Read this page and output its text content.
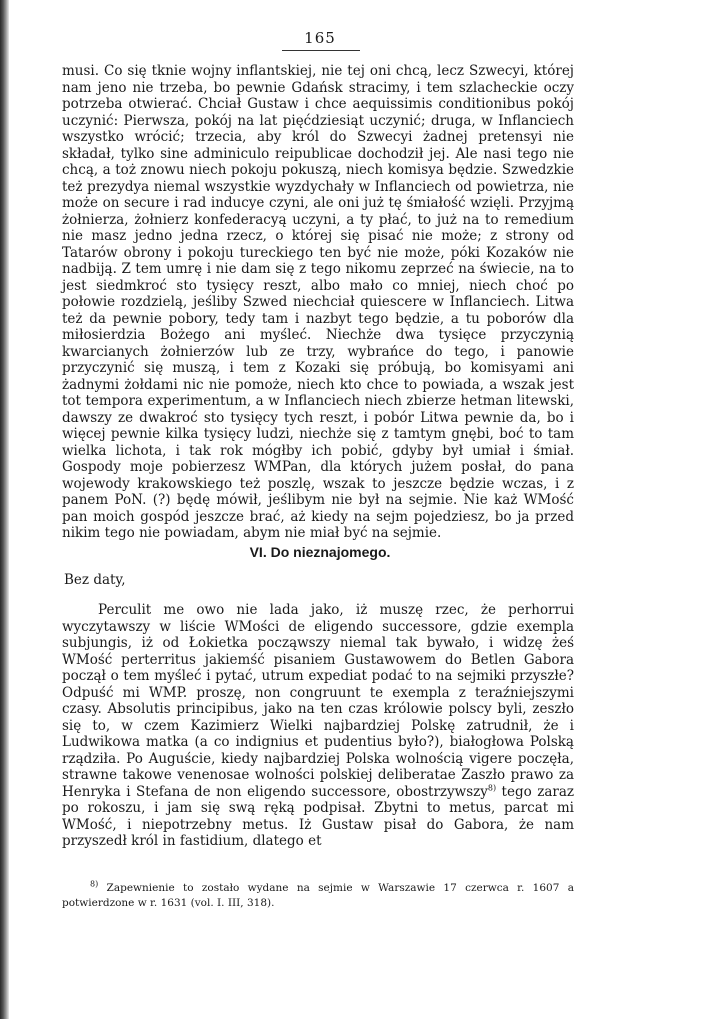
165

musi. Co się tknie wojny inflantskiej, nie tej oni chcą, lecz Szwecyi, której nam jeno nie trzeba, bo pewnie Gdańsk stracimy, i tem szlacheckie oczy potrzeba otwierać. Chciał Gustaw i chce aequissimis conditionibus pokój uczynić: Pierwsza, pokój na lat pięćdziesiąt uczynić; druga, w Inflanciech wszystko wrócić; trzecia, aby król do Szwecyi żadnej pretensyi nie składał, tylko sine adminiculo reipublicae dochodził jej. Ale nasi tego nie chcą, a toż znowu niech pokoju pokuszą, niech komisya będzie. Szwedzkie też prezydya niemal wszystkie wyzdychały w Inflanciech od powietrza, nie może on secure i rad inducye czyni, ale oni już tę śmiałość wzięli. Przyjmą żołnierza, żołnierz konfederacyą uczyni, a ty płać, to już na to remedium nie masz jedno jedna rzecz, o której się pisać nie może; z strony od Tatarów obrony i pokoju tureckiego ten być nie może, póki Kozaków nie nadbiją. Z tem umrę i nie dam się z tego nikomu zeprzeć na świecie, na to jest siedmkroć sto tysięcy reszt, albo mało co mniej, niech choć po połowie rozdzielą, jeśliby Szwed niechciał quiescere w Inflanciech. Litwa też da pewnie pobory, tedy tam i nazbyt tego będzie, a tu poborów dla miłosierdzia Bożego ani myśleć. Niechże dwa tysięce przyczynią kwarcianych żołnierzów lub ze trzy, wybrańce do tego, i panowie przyczynić się muszą, i tem z Kozaki się próbują, bo komisyami ani żadnymi żołdami nic nie pomoże, niech kto chce to powiada, a wszak jest tot tempora experimentum, a w Inflanciech niech zbierze hetman litewski, dawszy ze dwakroć sto tysięcy tych reszt, i pobór Litwa pewnie da, bo i więcej pewnie kilka tysięcy ludzi, niechże się z tamtym gnębi, boć to tam wielka lichota, i tak rok mógłby ich pobić, gdyby był umiał i śmiał. Gospody moje pobierzesz WMPan, dla których jużem posłał, do pana wojewody krakowskiego też poszlę, wszak to jeszcze będzie wczas, i z panem PoN. (?) będę mówił, jeślibym nie był na sejmie. Nie każ WMość pan moich gospód jeszcze brać, aż kiedy na sejm pojedziesz, bo ja przed nikim tego nie powiadam, abym nie miał być na sejmie.

VI. Do nieznajomego.
Bez daty,

Perculit me owo nie lada jako, iż muszę rzec, że perhorrui wyczytawszy w liście WMości de eligendo successore, gdzie exempla subjungis, iż od Łokietka począwszy niemal tak bywało, i widzę żeś WMość perterritus jakiemść pisaniem Gustawowem do Betlen Gabora począł o tem myśleć i pytać, utrum expediat podać to na sejmiki przyszłe? Odpuść mi WMP. proszę, non congruunt te exempla z teraźniejszymi czasy. Absolutis principibus, jako na ten czas królowie polscy byli, zeszło się to, w czem Kazimierz Wielki najbardziej Polskę zatrudnił, że i Ludwikowa matka (a co indignius et pudentius było?), białogłowa Polską rządziła. Po Auguście, kiedy najbardziej Polska wolnością vigere poczęła, strawne takowe venenosae wolności polskiej deliberatae Zaszło prawo za Henryka i Stefana de non eligendo successore, obostrzywszy$^{8)}$ tego zaraz po rokoszu, i jam się swą ręką podpisał. Zbytni to metus, parcat mi WMość, i niepotrzebny metus. Iż Gustaw pisał do Gabora, że nam przyszedł król in fastidium, dlatego et

$^{8)}$ Zapewnienie to zostało wydane na sejmie w Warszawie 17 czerwca r. 1607 a potwierdzone w r. 1631 (vol. I. III, 318).
